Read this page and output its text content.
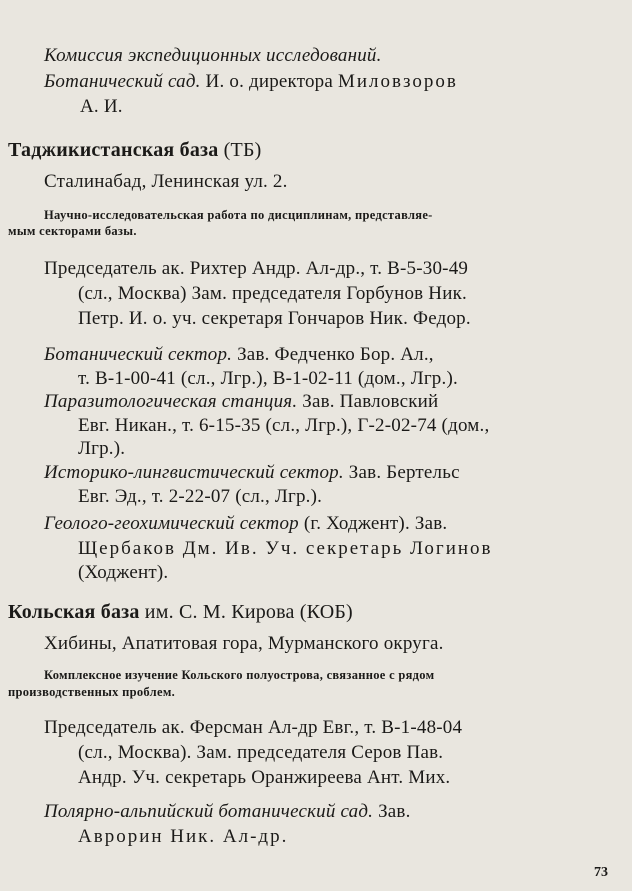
Комиссия экспедиционных исследований.
Ботанический сад. И. о. директора Миловзоров
А. И.
Таджикистанская база (ТБ)
Сталинабад, Ленинская ул. 2.
Научно-исследовательская работа по дисциплинам, представляе-
мым секторами базы.
Председатель ак. Рихтер Андр. Ал-др., т. В-5-30-49
(сл., Москва) Зам. председателя Горбунов Ник.
Петр. И. о. уч. секретаря Гончаров Ник. Федор.
Ботанический сектор. Зав. Федченко Бор. Ал.,
т. В-1-00-41 (сл., Лгр.), В-1-02-11 (дом., Лгр.).
Паразитологическая станция. Зав. Павловский
Евг. Никан., т. 6-15-35 (сл., Лгр.), Г-2-02-74 (дом.,
Лгр.).
Историко-лингвистический сектор. Зав. Бертельс
Евг. Эд., т. 2-22-07 (сл., Лгр.).
Геолого-геохимический сектор (г. Ходжент). Зав.
Щербаков Дм. Ив. Уч. секретарь Логинов
(Ходжент).
Кольская база им. С. М. Кирова (КОБ)
Хибины, Апатитовая гора, Мурманского округа.
Комплексное изучение Кольского полуострова, связанное с рядом
производственных проблем.
Председатель ак. Ферсман Ал-др Евг., т. В-1-48-04
(сл., Москва). Зам. председателя Серов Пав.
Андр. Уч. секретарь Оранжиреева Ант. Мих.
Полярно-альпийский ботанический сад. Зав.
Аврорин Ник. Ал-др.
73
